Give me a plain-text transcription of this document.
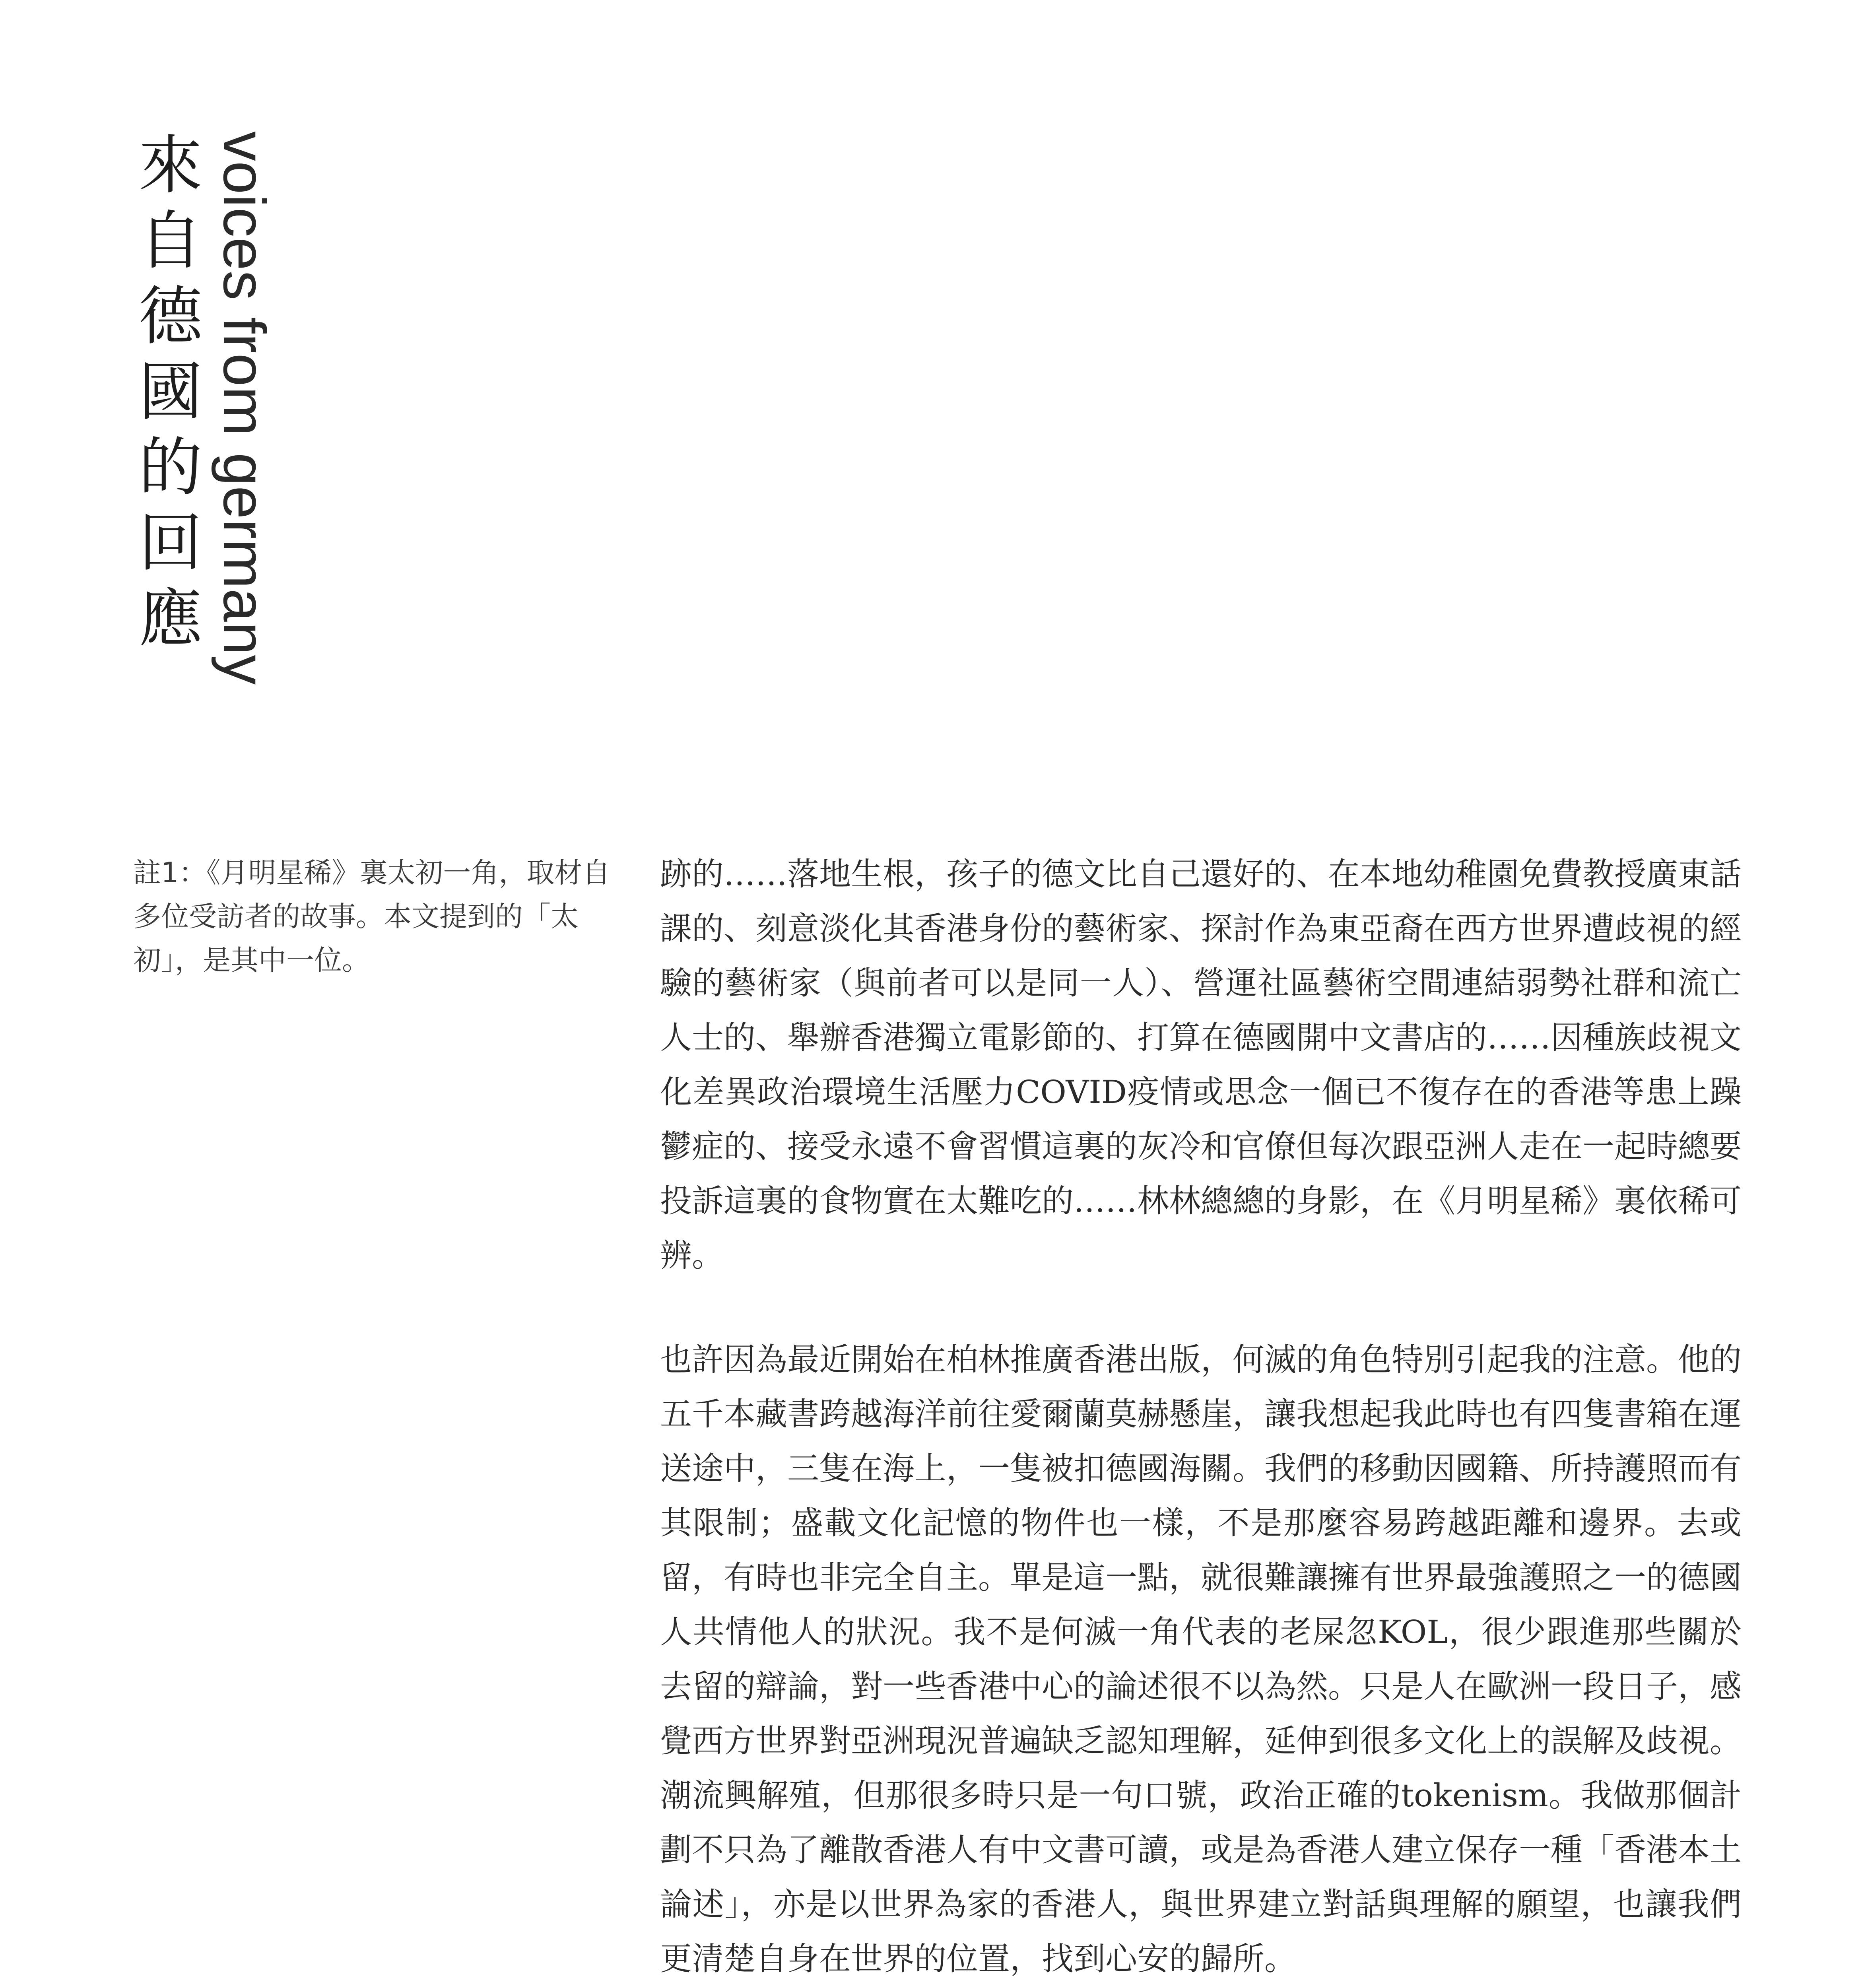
來自德國的回應 voices from germany

註1：《月明星稀》裏太初一角，取材自多位受訪者的故事。本文提到的「太初」，是其中一位。

跡的……落地生根，孩子的德文比自己還好的、在本地幼稚園免費教授廣東話課的、刻意淡化其香港身份的藝術家、探討作為東亞裔在西方世界遭歧視的經驗的藝術家（與前者可以是同一人）、營運社區藝術空間連結弱勢社群和流亡人士的、舉辦香港獨立電影節的、打算在德國開中文書店的……因種族歧視文化差異政治環境生活壓力COVID疫情或思念一個已不復存在的香港等患上躁鬱症的、接受永遠不會習慣這裏的灰冷和官僚但每次跟亞洲人走在一起時總要投訴這裏的食物實在太難吃的……林林總總的身影，在《月明星稀》裏依稀可辨。

也許因為最近開始在柏林推廣香港出版，何滅的角色特別引起我的注意。他的五千本藏書跨越海洋前往愛爾蘭莫赫懸崖，讓我想起我此時也有四隻書箱在運送途中，三隻在海上，一隻被扣德國海關。我們的移動因國籍、所持護照而有其限制；盛載文化記憶的物件也一樣，不是那麼容易跨越距離和邊界。去或留，有時也非完全自主。單是這一點，就很難讓擁有世界最強護照之一的德國人共情他人的狀況。我不是何滅一角代表的老屎忽KOL，很少跟進那些關於去留的辯論，對一些香港中心的論述很不以為然。只是人在歐洲一段日子，感覺西方世界對亞洲現況普遍缺乏認知理解，延伸到很多文化上的誤解及歧視。潮流興解殖，但那很多時只是一句口號，政治正確的tokenism。我做那個計劃不只為了離散香港人有中文書可讀，或是為香港人建立保存一種「香港本土論述」，亦是以世界為家的香港人，與世界建立對話與理解的願望，也讓我們更清楚自身在世界的位置，找到心安的歸所。
